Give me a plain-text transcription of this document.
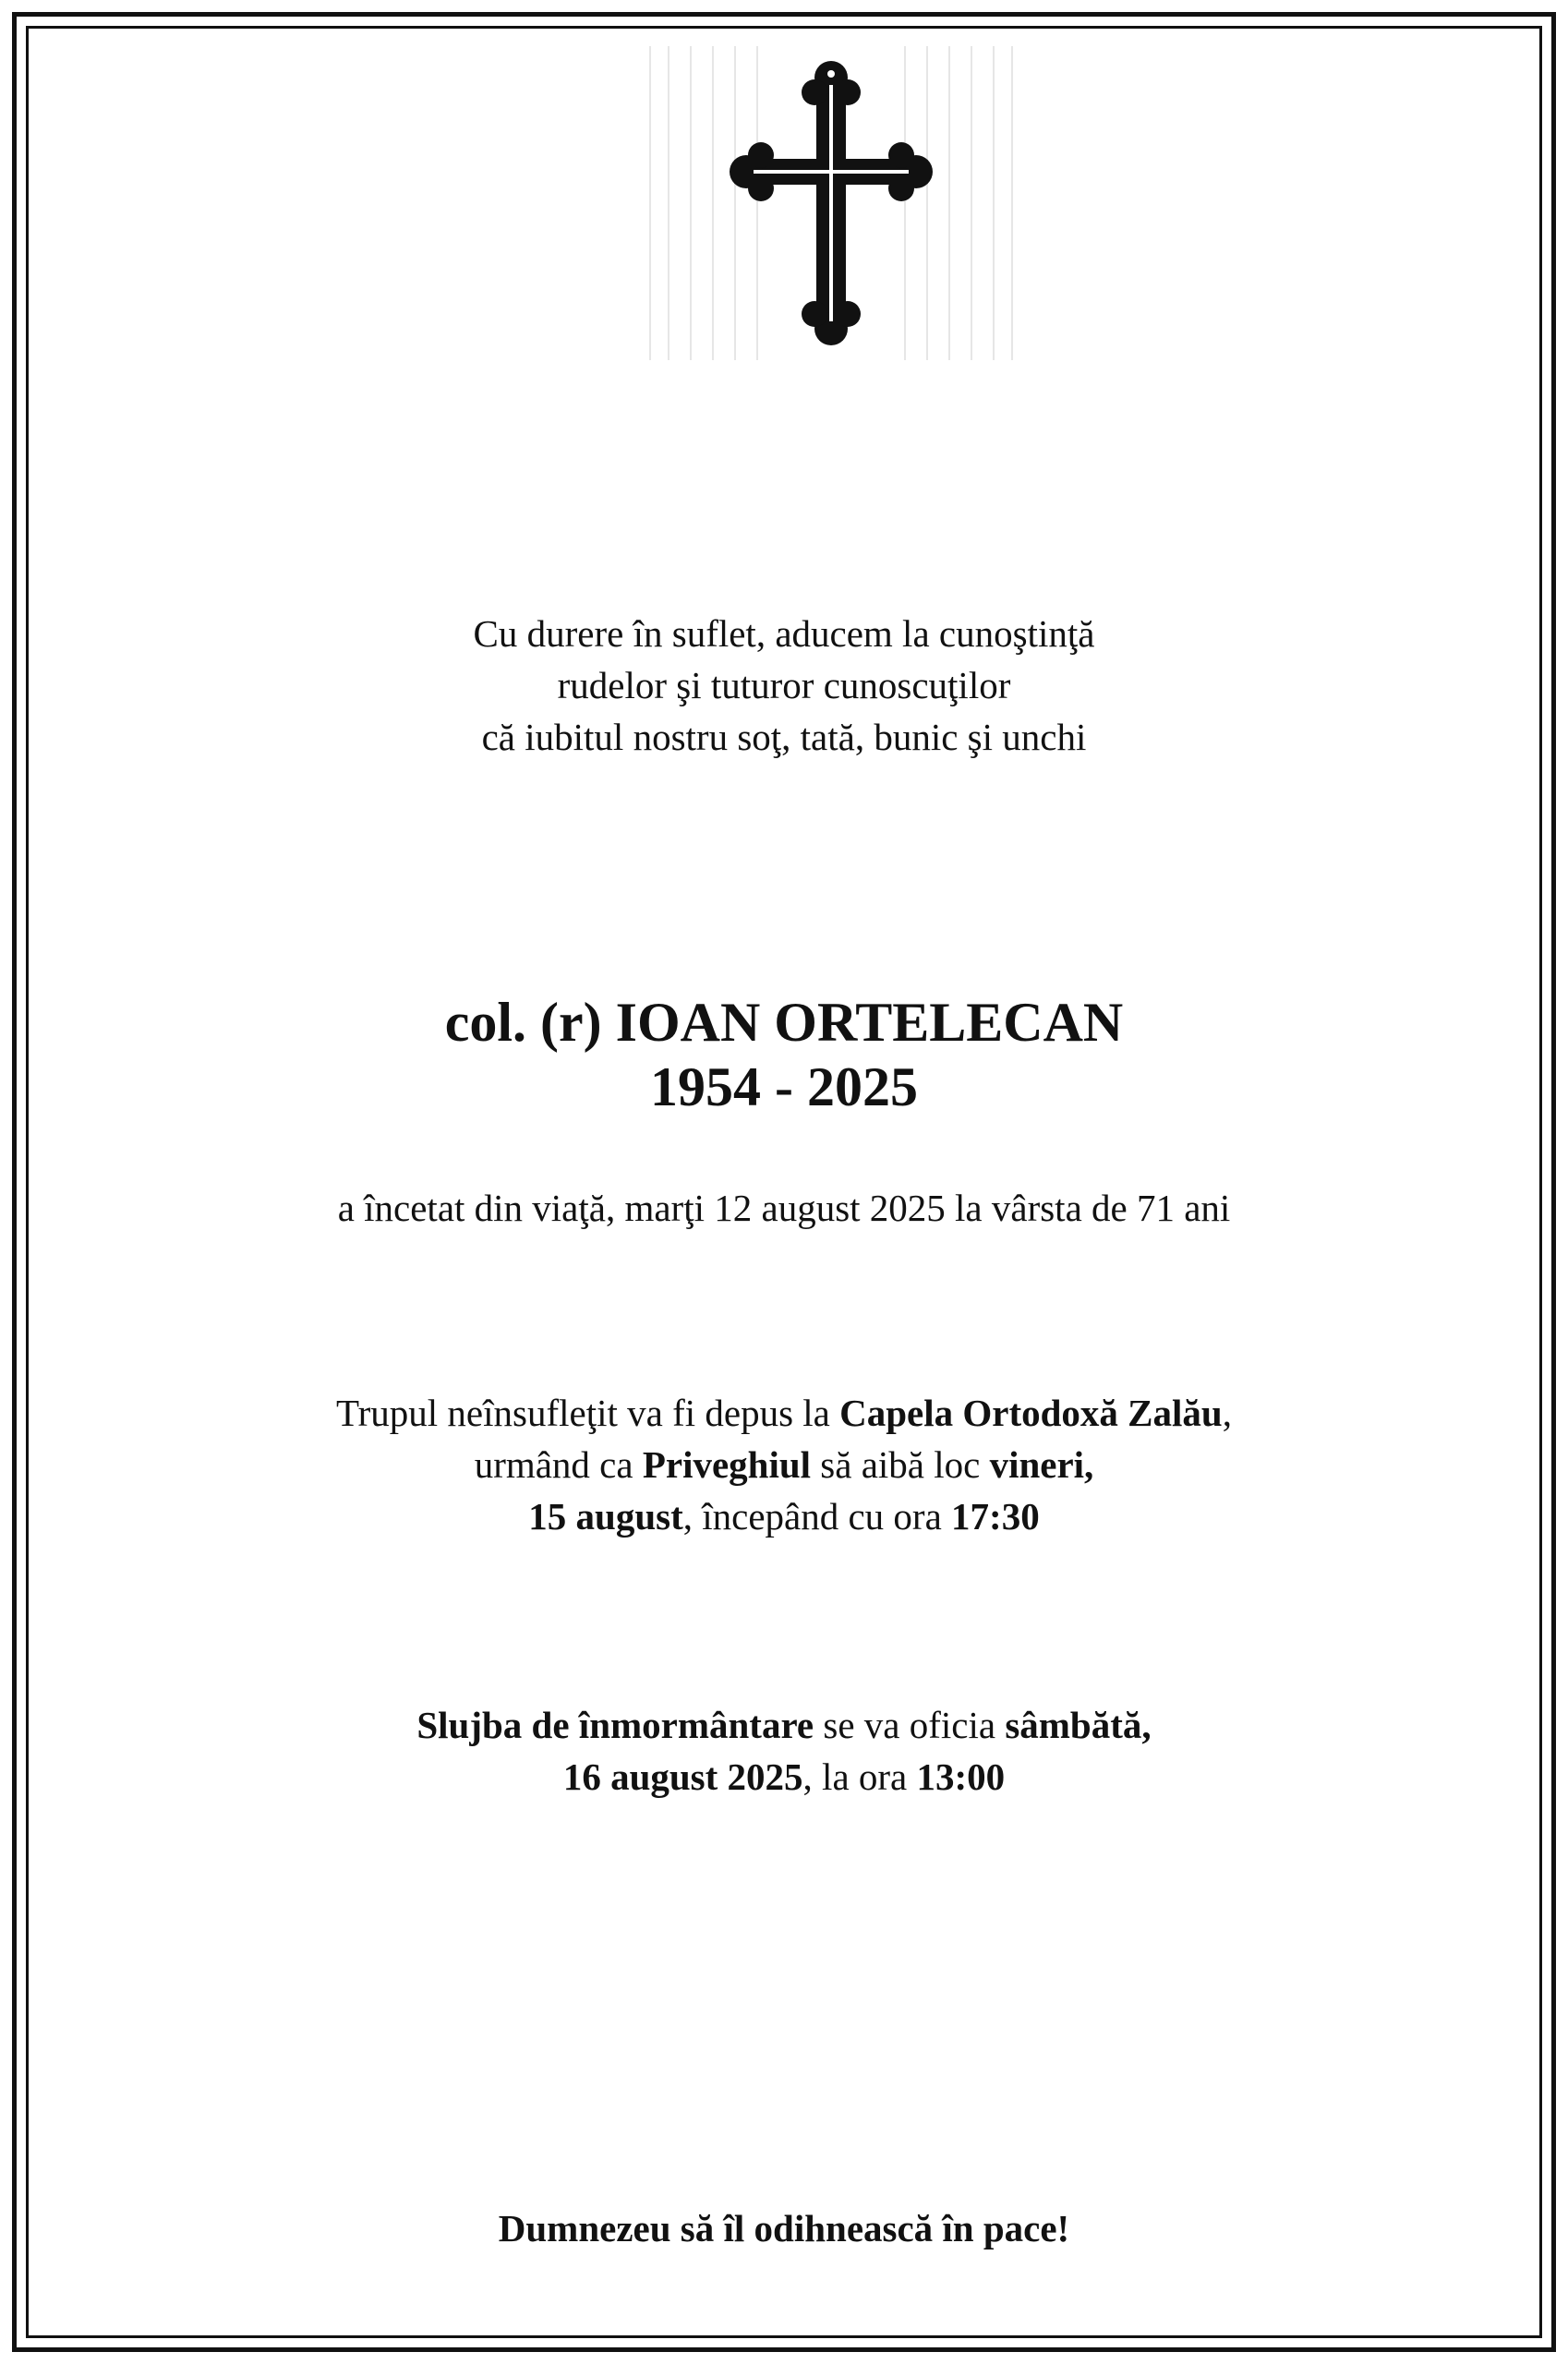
Cu durere în suflet, aducem la cunoştinţă

rudelor şi tuturor cunoscuţilor

că iubitul nostru soţ, tată, bunic şi unchi

col. (r) IOAN ORTELECAN

1954 - 2025

a încetat din viaţă, marţi 12 august 2025 la vârsta de 71 ani

Trupul neînsufleţit va fi depus la Capela Ortodoxă Zalău,

urmând ca Priveghiul să aibă loc vineri,

15 august, începând cu ora 17:30

Slujba de înmormântare se va oficia sâmbătă,

16 august 2025, la ora 13:00

Dumnezeu să îl odihnească în pace!
